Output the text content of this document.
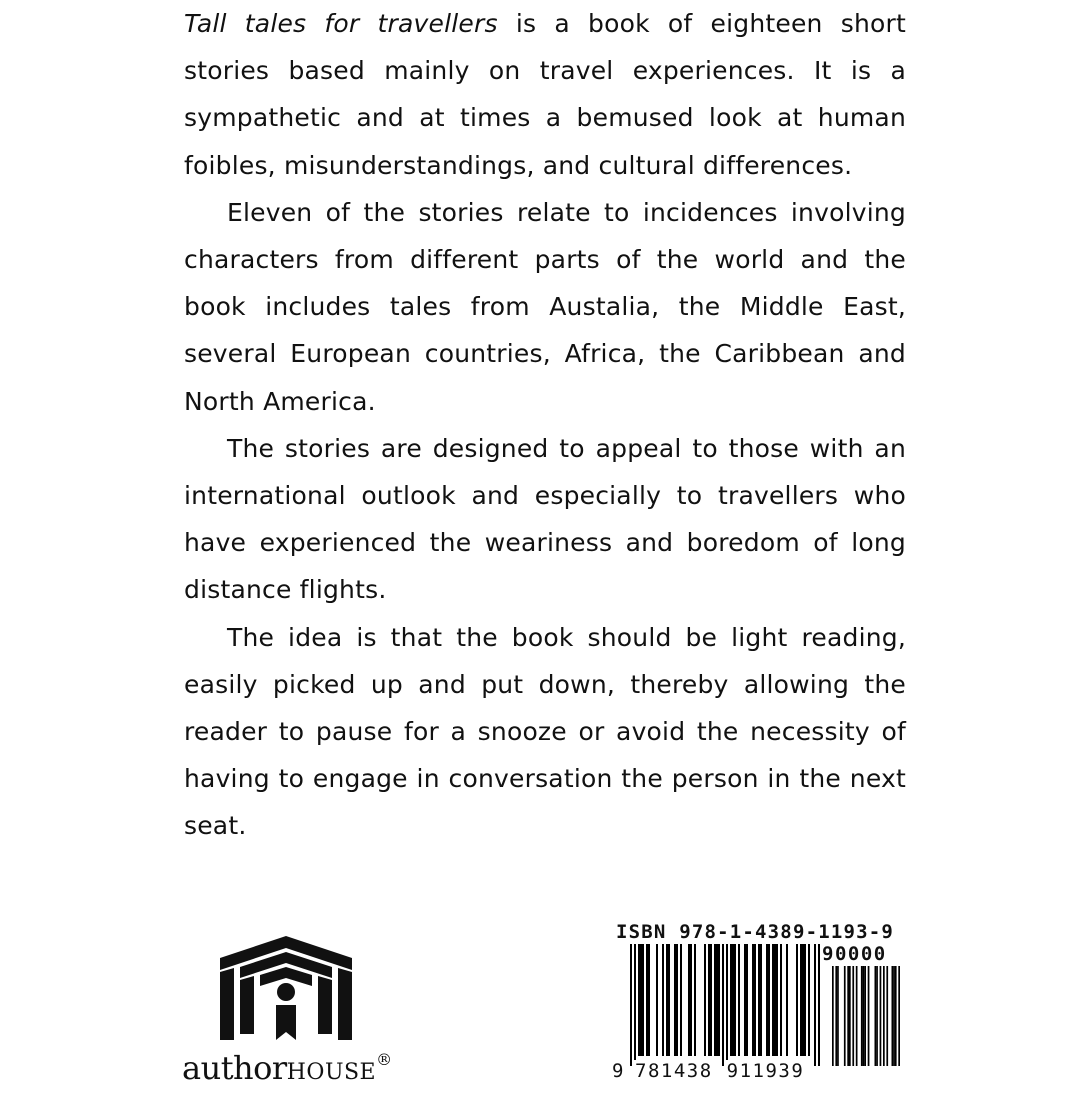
Tall tales for travellers is a book of eighteen short stories based mainly on travel experiences. It is a sympathetic and at times a bemused look at human foibles, misunderstandings, and cultural differences.

Eleven of the stories relate to incidences involving characters from different parts of the world and the book includes tales from Austalia, the Middle East, several European countries, Africa, the Caribbean and North America.

The stories are designed to appeal to those with an international outlook and especially to travellers who have experienced the weariness and boredom of long distance flights.

The idea is that the book should be light reading, easily picked up and put down, thereby allowing the reader to pause for a snooze or avoid the necessity of having to engage in conversation the person in the next seat.

authorHOUSE®
ISBN 978-1-4389-1193-9
90000
9 781438 911939
